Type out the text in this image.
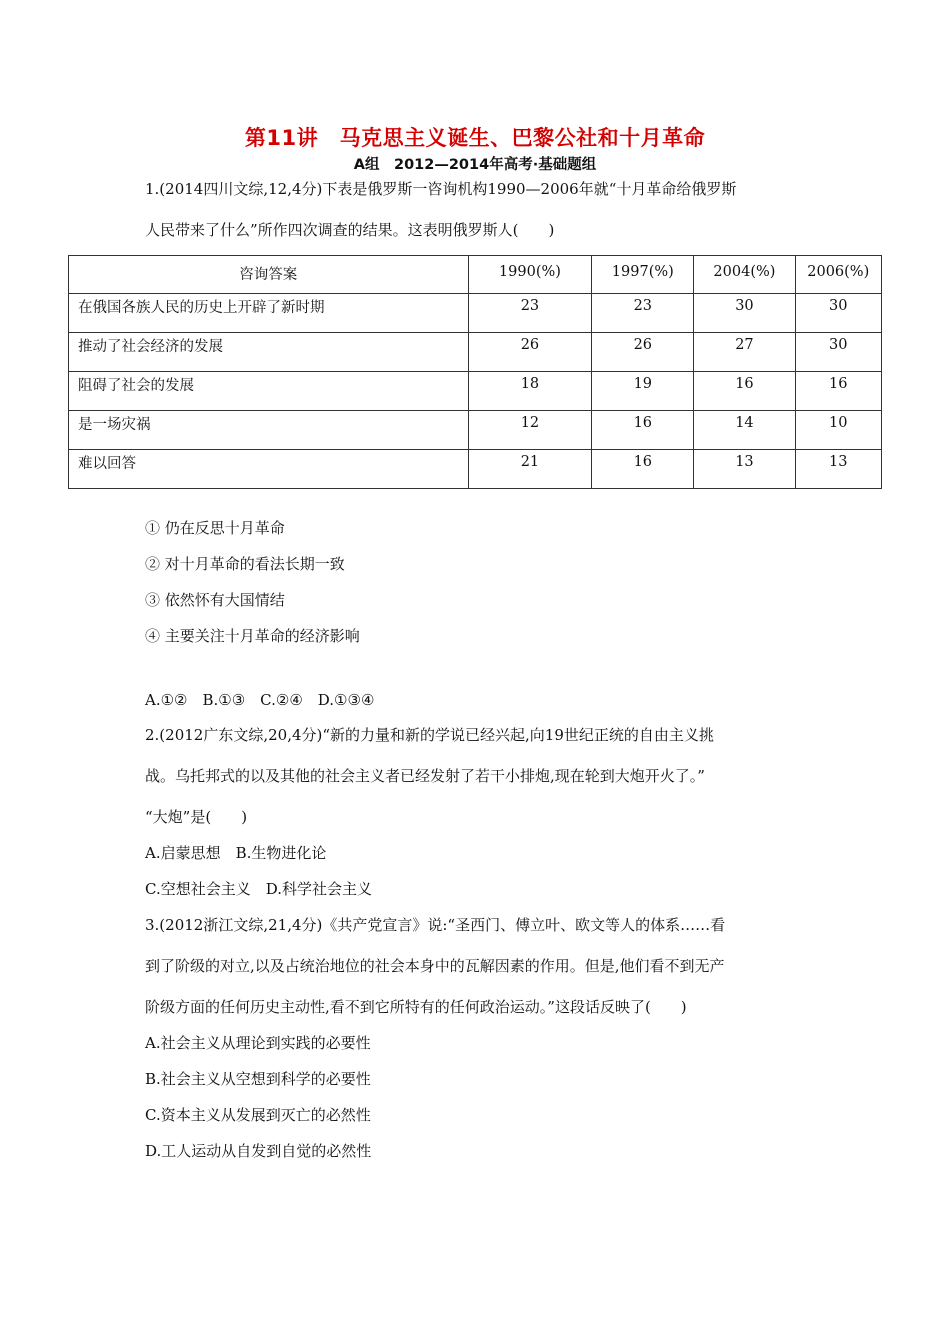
第11讲　马克思主义诞生、巴黎公社和十月革命
A组　2012—2014年高考·基础题组
1.(2014四川文综,12,4分)下表是俄罗斯一咨询机构1990—2006年就“十月革命给俄罗斯
人民带来了什么”所作四次调查的结果。这表明俄罗斯人(　　)
咨询答案	1990(%)	1997(%)	2004(%)	2006(%)
在俄国各族人民的历史上开辟了新时期	23	23	30	30
推动了社会经济的发展	26	26	27	30
阻碍了社会的发展	18	19	16	16
是一场灾祸	12	16	14	10
难以回答	21	16	13	13
① 仍在反思十月革命
② 对十月革命的看法长期一致
③ 依然怀有大国情结
④ 主要关注十月革命的经济影响
A.①②　B.①③　C.②④　D.①③④
2.(2012广东文综,20,4分)“新的力量和新的学说已经兴起,向19世纪正统的自由主义挑
战。乌托邦式的以及其他的社会主义者已经发射了若干小排炮,现在轮到大炮开火了。”
“大炮”是(　　)
A.启蒙思想　B.生物进化论
C.空想社会主义　D.科学社会主义
3.(2012浙江文综,21,4分)《共产党宣言》说:“圣西门、傅立叶、欧文等人的体系……看
到了阶级的对立,以及占统治地位的社会本身中的瓦解因素的作用。但是,他们看不到无产
阶级方面的任何历史主动性,看不到它所特有的任何政治运动。”这段话反映了(　　)
A.社会主义从理论到实践的必要性
B.社会主义从空想到科学的必要性
C.资本主义从发展到灭亡的必然性
D.工人运动从自发到自觉的必然性
